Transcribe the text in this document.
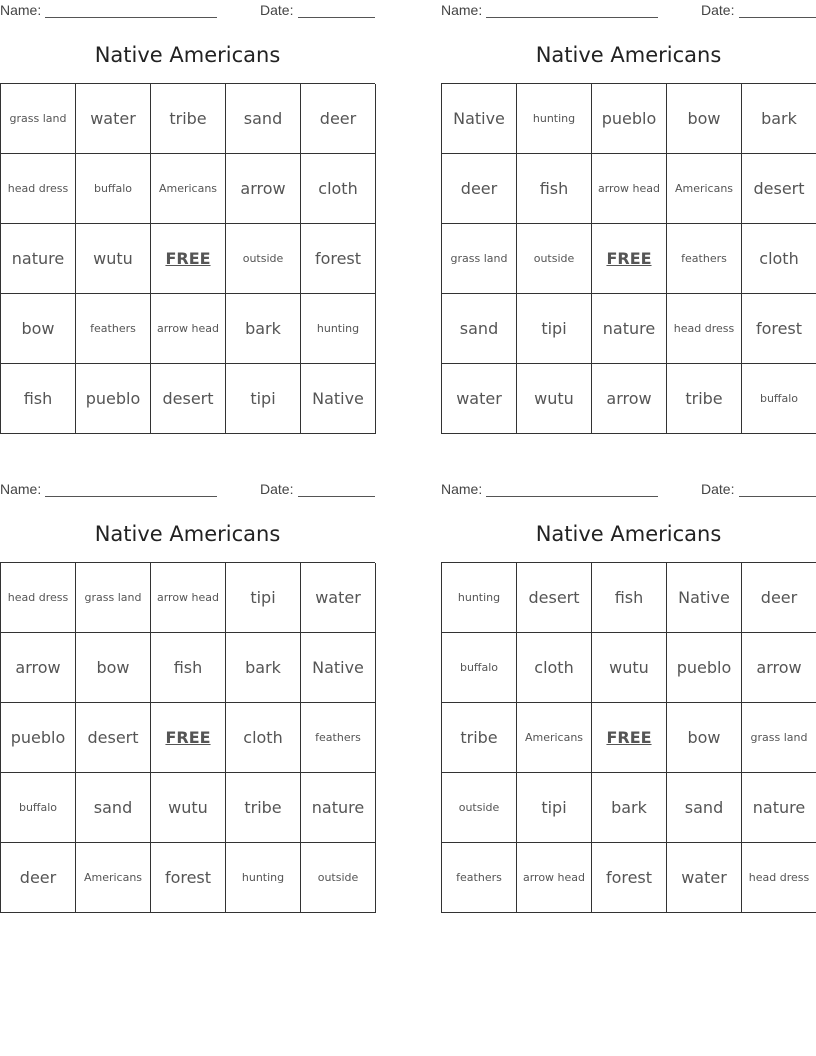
Name:	Date:
Native Americans
grass land	water	tribe	sand	deer
head dress	buffalo	Americans	arrow	cloth
nature	wutu	FREE	outside	forest
bow	feathers	arrow head	bark	hunting
fish	pueblo	desert	tipi	Native
Name:	Date:
Native Americans
Native	hunting	pueblo	bow	bark
deer	fish	arrow head	Americans	desert
grass land	outside	FREE	feathers	cloth
sand	tipi	nature	head dress	forest
water	wutu	arrow	tribe	buffalo
Name:	Date:
Native Americans
head dress	grass land	arrow head	tipi	water
arrow	bow	fish	bark	Native
pueblo	desert	FREE	cloth	feathers
buffalo	sand	wutu	tribe	nature
deer	Americans	forest	hunting	outside
Name:	Date:
Native Americans
hunting	desert	fish	Native	deer
buffalo	cloth	wutu	pueblo	arrow
tribe	Americans	FREE	bow	grass land
outside	tipi	bark	sand	nature
feathers	arrow head	forest	water	head dress
